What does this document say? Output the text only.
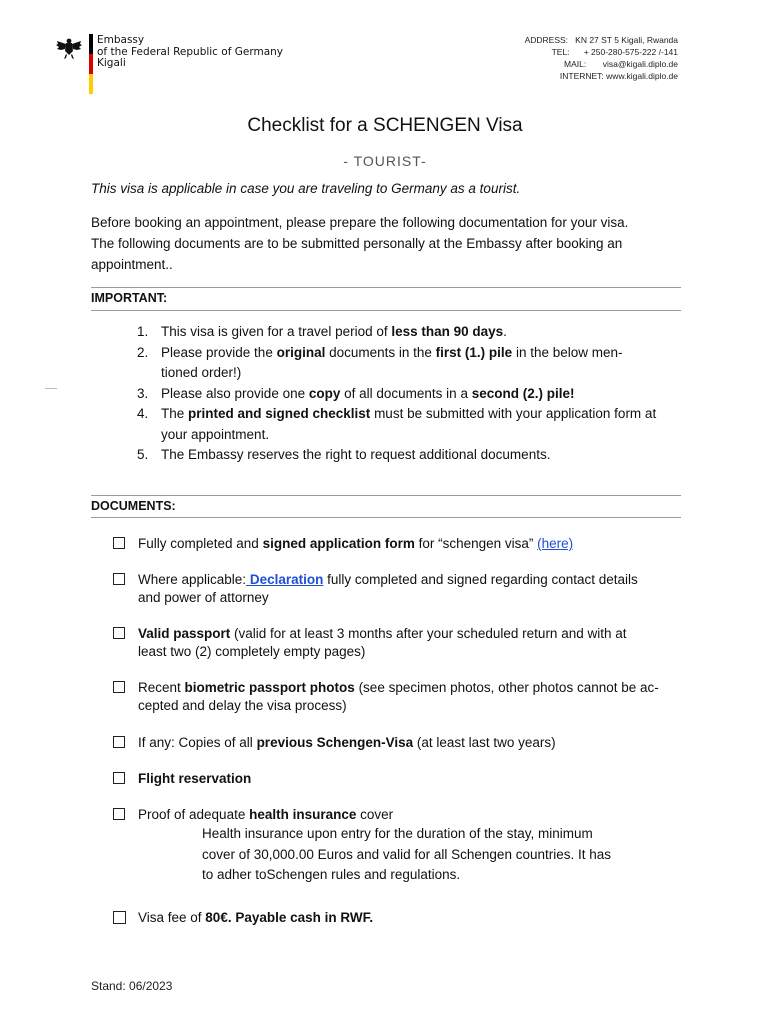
Embassy
of the Federal Republic of Germany
Kigali
ADDRESS: KN 27 ST 5 Kigali, Rwanda
TEL: + 250-280-575-222 /-141
MAIL: visa@kigali.diplo.de
INTERNET: www.kigali.diplo.de
Checklist for a SCHENGEN Visa
- TOURIST-
This visa is applicable in case you are traveling to Germany as a tourist.
Before booking an appointment, please prepare the following documentation for your visa.
The following documents are to be submitted personally at the Embassy after booking an
appointment..
IMPORTANT:
1. This visa is given for a travel period of less than 90 days.
2. Please provide the original documents in the first (1.) pile in the below men-
tioned order!)
3. Please also provide one copy of all documents in a second (2.) pile!
4. The printed and signed checklist must be submitted with your application form at
your appointment.
5. The Embassy reserves the right to request additional documents.
DOCUMENTS:
Fully completed and signed application form for “schengen visa” (here)
Where applicable: Declaration fully completed and signed regarding contact details
and power of attorney
Valid passport (valid for at least 3 months after your scheduled return and with at
least two (2) completely empty pages)
Recent biometric passport photos (see specimen photos, other photos cannot be ac-
cepted and delay the visa process)
If any: Copies of all previous Schengen-Visa (at least last two years)
Flight reservation
Proof of adequate health insurance cover
Health insurance upon entry for the duration of the stay, minimum
cover of 30,000.00 Euros and valid for all Schengen countries. It has
to adher toSchengen rules and regulations.
Visa fee of 80€. Payable cash in RWF.
Stand: 06/2023
